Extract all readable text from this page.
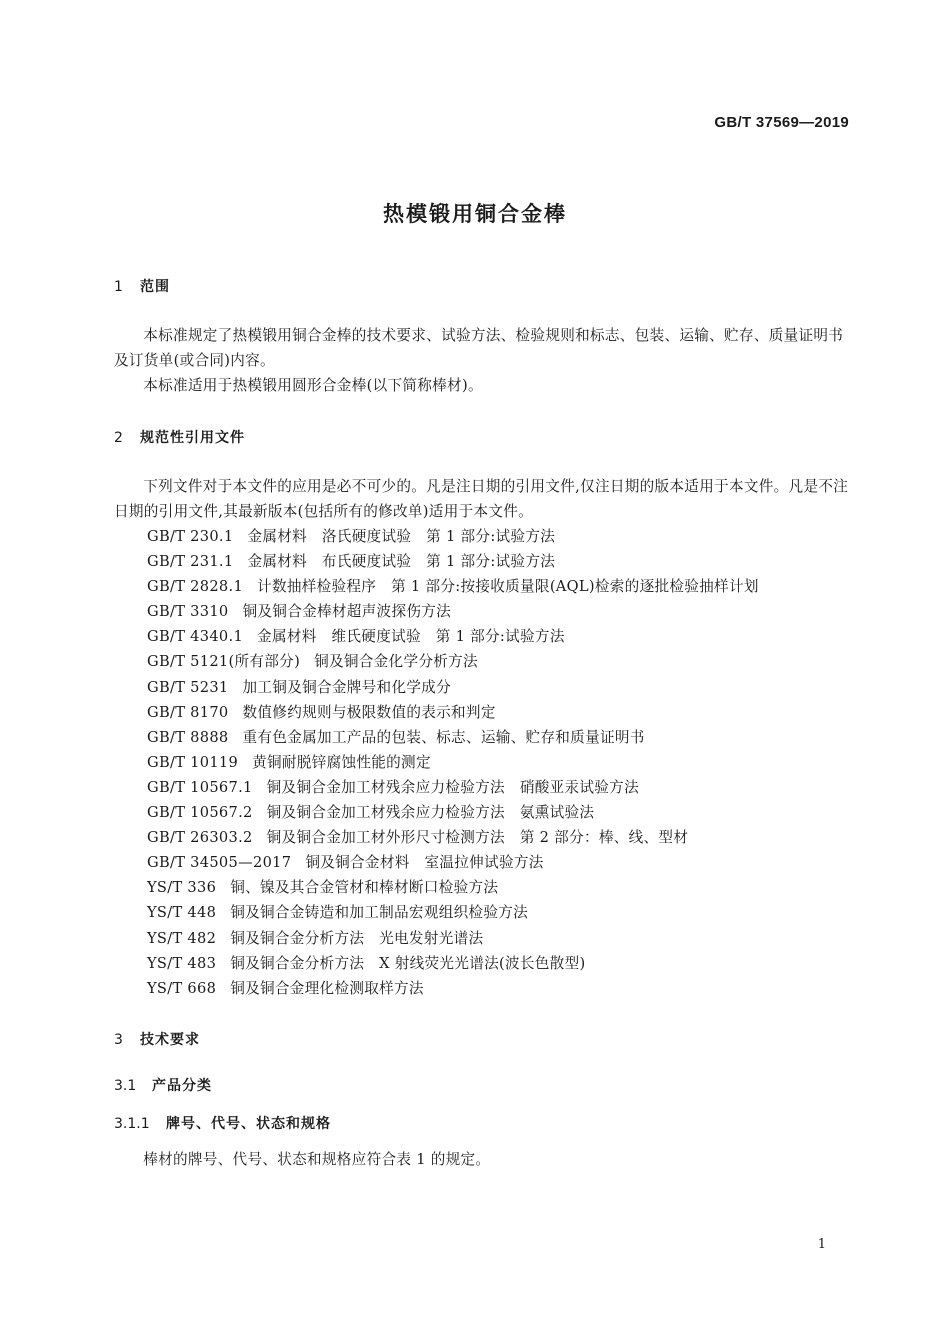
GB/T 37569—2019
热模锻用铜合金棒
1 范围

本标准规定了热模锻用铜合金棒的技术要求、试验方法、检验规则和标志、包装、运输、贮存、质量证明书及订货单(或合同)内容。

本标准适用于热模锻用圆形合金棒(以下简称棒材)。

2 规范性引用文件

下列文件对于本文件的应用是必不可少的。凡是注日期的引用文件,仅注日期的版本适用于本文件。凡是不注日期的引用文件,其最新版本(包括所有的修改单)适用于本文件。

GB/T 230.1 金属材料　洛氏硬度试验　第 1 部分:试验方法
GB/T 231.1 金属材料　布氏硬度试验　第 1 部分:试验方法
GB/T 2828.1 计数抽样检验程序　第 1 部分:按接收质量限(AQL)检索的逐批检验抽样计划
GB/T 3310 铜及铜合金棒材超声波探伤方法
GB/T 4340.1 金属材料　维氏硬度试验　第 1 部分:试验方法
GB/T 5121(所有部分) 铜及铜合金化学分析方法
GB/T 5231 加工铜及铜合金牌号和化学成分
GB/T 8170 数值修约规则与极限数值的表示和判定
GB/T 8888 重有色金属加工产品的包装、标志、运输、贮存和质量证明书
GB/T 10119 黄铜耐脱锌腐蚀性能的测定
GB/T 10567.1 铜及铜合金加工材残余应力检验方法　硝酸亚汞试验方法
GB/T 10567.2 铜及铜合金加工材残余应力检验方法　氨熏试验法
GB/T 26303.2 铜及铜合金加工材外形尺寸检测方法　第 2 部分：棒、线、型材
GB/T 34505—2017 铜及铜合金材料　室温拉伸试验方法
YS/T 336 铜、镍及其合金管材和棒材断口检验方法
YS/T 448 铜及铜合金铸造和加工制品宏观组织检验方法
YS/T 482 铜及铜合金分析方法　光电发射光谱法
YS/T 483 铜及铜合金分析方法　X 射线荧光光谱法(波长色散型)
YS/T 668 铜及铜合金理化检测取样方法
3 技术要求
3.1 产品分类
3.1.1 牌号、代号、状态和规格

棒材的牌号、代号、状态和规格应符合表 1 的规定。

1
